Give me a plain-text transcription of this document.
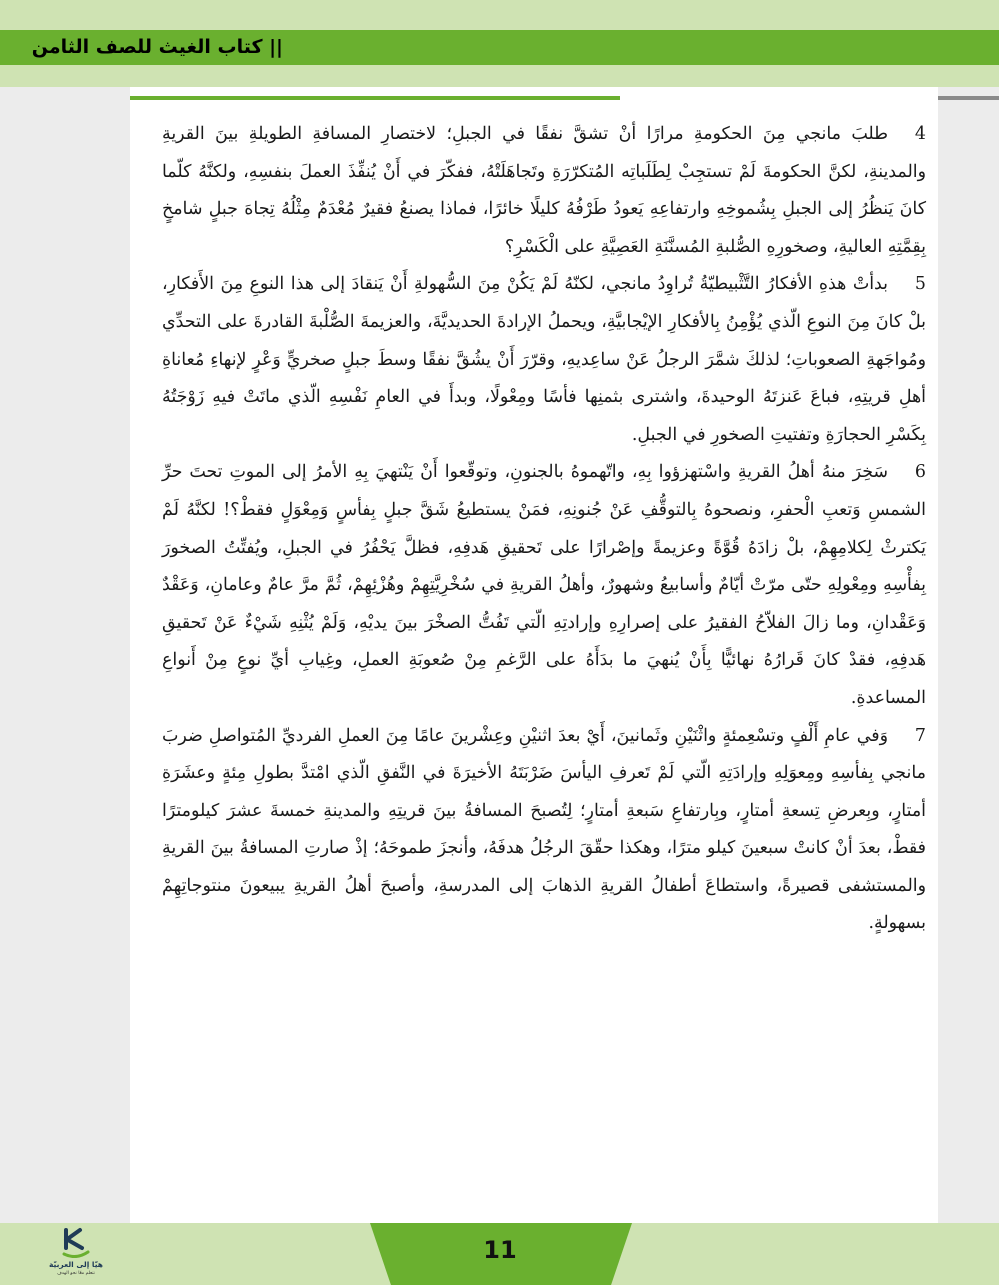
|| كتاب الغيث للصف الثامن

4طلبَ مانجي مِنَ الحكومةِ مرارًا أنْ تشقَّ نفقًا في الجبلِ؛ لاختصارِ المسافةِ الطويلةِ بينَ القريةِ والمدينةِ، لكنَّ الحكومةَ لَمْ تستجِبْ لِطَلَباتِه المُتكرّرَةِ وتَجاهَلَتْهُ، ففكّرَ في أَنْ يُنفِّذَ العملَ بنفسِهِ، ولكنَّهُ كلّما كانَ يَنظُرُ إلى الجبلِ بِشُموخِهِ وارتفاعِهِ يَعودُ طَرْفُهُ كليلًا خائرًا، فماذا يصنعُ فقيرٌ مُعْدَمٌ مِثْلُهُ تِجاهَ جبلٍ شامخٍ بِقِمَّتِهِ العاليةِ، وصخورِهِ الصُّلبةِ المُسنَّنَةِ العَصِيَّةِ على الْكَسْرِ؟

5بدأتْ هذهِ الأفكارُ التَّثْبيطيّةُ تُراوِدُ مانجي، لكنّهُ لَمْ يَكُنْ مِنَ السُّهولةِ أَنْ يَنقادَ إلى هذا النوعِ مِنَ الأَفكارِ، بلْ كانَ مِنَ النوعِ الّذي يُؤْمِنُ بِالأفكارِ الإيْجابيَّةِ، ويحملُ الإرادةَ الحديديَّةَ، والعزيمةَ الصُّلْبةَ القادرةَ على التحدِّي ومُواجَهةِ الصعوباتِ؛ لذلكَ شمَّرَ الرجلُ عَنْ ساعِديهِ، وقرّرَ أَنْ يشُقَّ نفقًا وسطَ جبلٍ صخريٍّ وَعْرٍ لإنهاءِ مُعاناةِ أهلِ قريتِهِ، فباعَ عَنزتَهُ الوحيدةَ، واشترى بثمنِها فأسًا ومِعْولًا، وبدأَ في العامِ نَفْسِهِ الّذي ماتَتْ فيهِ زَوْجَتُهُ بِكَسْرِ الحجارَةِ وتفتيتِ الصخورِ في الجبلِ.

6سَخِرَ منهُ أهلُ القريةِ واسْتهزؤوا بِهِ، واتّهموهُ بالجنونِ، وتوقّعوا أَنْ يَنْتهيَ بِهِ الأمرُ إلى الموتِ تحتَ حرِّ الشمسِ وَتعبِ الْحفرِ، ونصحوهُ بِالتوقُّفِ عَنْ جُنونِهِ، فمَنْ يستطيعُ شَقَّ جبلٍ بِفأسٍ وَمِعْوَلٍ فقطْ؟! لكنَّهُ لَمْ يَكترثْ لِكلامِهِمْ، بلْ زادَهُ قُوَّةً وعزيمةً وإصْرارًا على تَحقيقِ هَدفِهِ، فظلَّ يَحْفُرُ في الجبلِ، ويُفتِّتُ الصخورَ بِفأْسِهِ ومِعْولِهِ حتّى مرّتْ أيّامٌ وأسابيعُ وشهورٌ، وأهلُ القريةِ في سُخْرِيَّتِهِمْ وهُزْئِهِمْ، ثُمَّ مرَّ عامٌ وعامانِ، وَعَقْدٌ وَعَقْدانِ، وما زالَ الفلاّحُ الفقيرُ على إصرارِهِ وإرادتِهِ الّتي تَفُتُّ الصخْرَ بينَ يديْهِ، وَلَمْ يُثْنِهِ شَيْءٌ عَنْ تَحقيقِ هَدفِهِ، فقدْ كانَ قَرارُهُ نهائيًّا بِأَنْ يُنهيَ ما بدَأَهُ على الرَّغمِ مِنْ صُعوبَةِ العملِ، وغِيابِ أيِّ نوعٍ مِنْ أَنواعِ المساعدةِ.

7وَفي عامِ أَلْفٍ وتسْعِمئةٍ واثْنَيْنِ وثَمانينَ، أَيْ بعدَ اثنيْنِ وعِشْرينَ عامًا مِنَ العملِ الفرديِّ المُتواصلِ ضربَ مانجي بِفأسِهِ ومِعوَلِهِ وإرادَتِهِ الّتي لَمْ تَعرفِ اليأسَ ضَرْبَتَهُ الأخيرَةَ في النَّفقِ الّذي امْتدَّ بطولِ مِئةٍ وعشَرَةِ أمتارٍ، وبِعرضِ تِسعةِ أمتارٍ، وبِارتفاعِ سَبعةِ أمتارٍ؛ لِتُصبحَ المسافةُ بينَ قريتِهِ والمدينةِ خمسةَ عشرَ كيلومترًا فقطْ، بعدَ أنْ كانتْ سبعينَ كيلو مترًا، وهكذا حقّقَ الرجُلُ هدفَهُ، وأنجزَ طموحَهُ؛ إذْ صارتِ المسافةُ بينَ القريةِ والمستشفى قصيرةً، واستطاعَ أطفالُ القريةِ الذهابَ إلى المدرسةِ، وأصبحَ أهلُ القريةِ يبيعونَ منتوجاتِهِمْ بسهولةٍ.

11
هيّا إلى العربيّة
نتعلم معًا نحو الهدف
